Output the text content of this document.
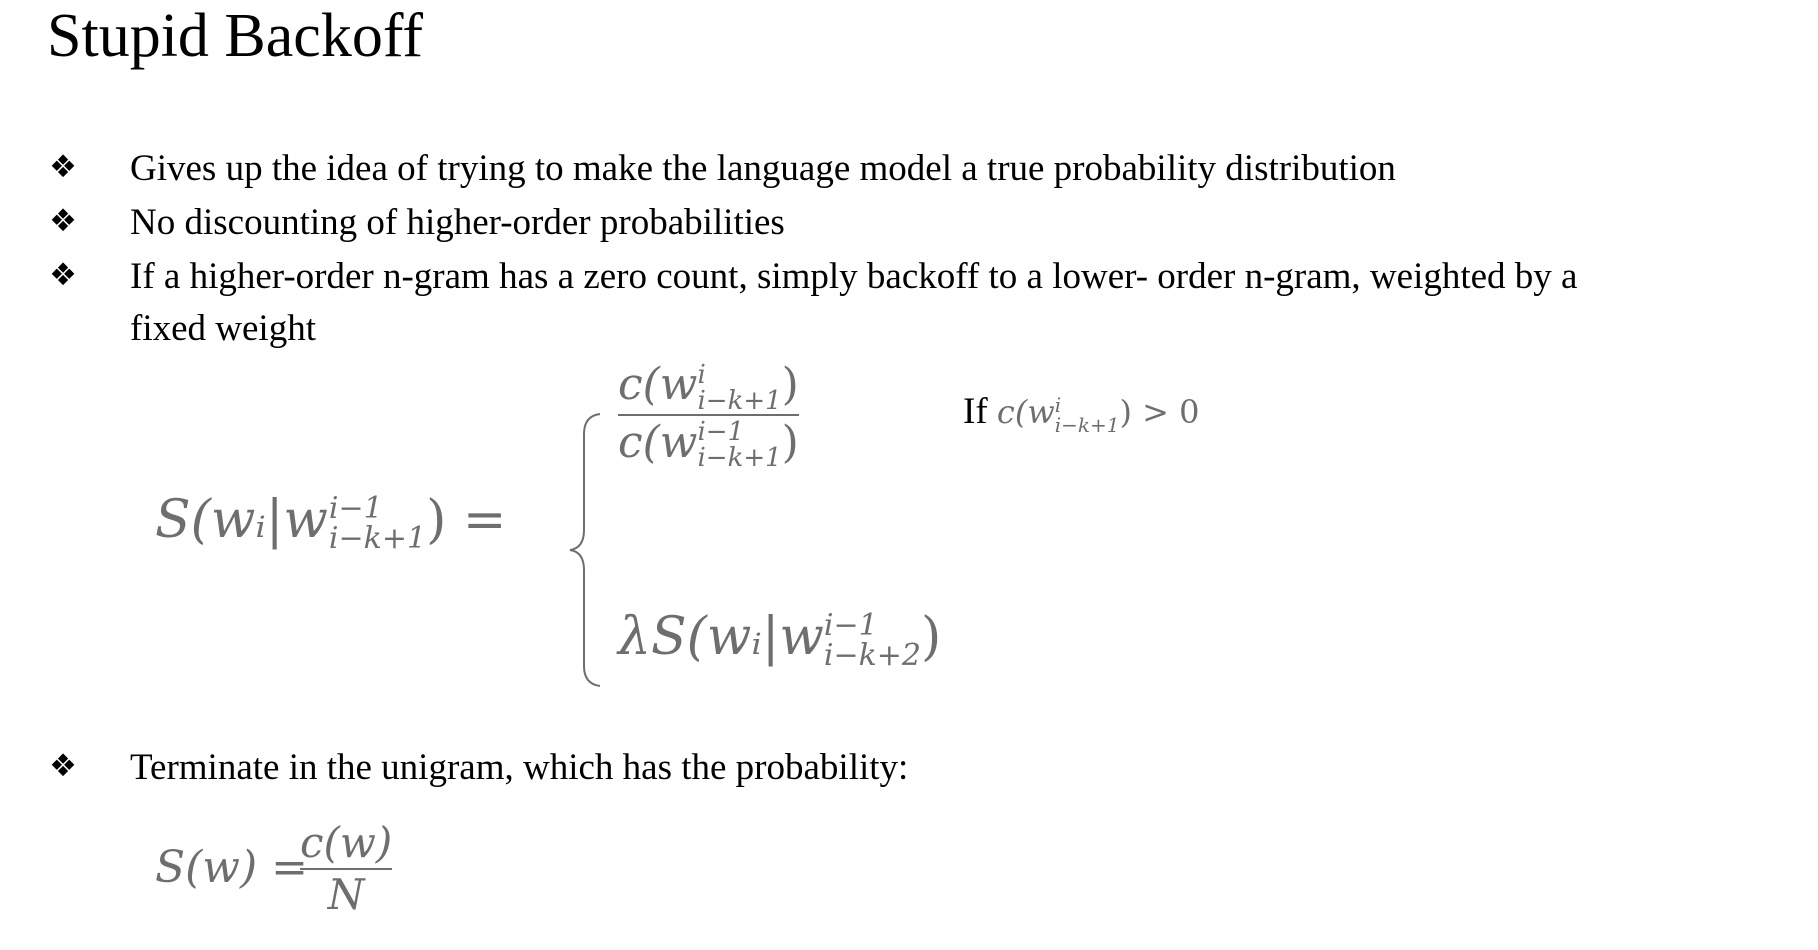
Stupid Backoff
❖ Gives up the idea of trying to make the language model a true probability distribution
❖ No discounting of higher-order probabilities
❖ If a higher-order n-gram has a zero count, simply backoff to a lower- order n-gram, weighted by a
fixed weight
S(wᵢ|w i−1
i−k+1 ) =
c(w i
i−k+1 )
c(w i−1
i−k+1 )
If c(w i
i−k+1 ) > 0
λS(wᵢ|w i−1
i−k+2 )
❖ Terminate in the unigram, which has the probability:
S(w) =
c(w)
N
